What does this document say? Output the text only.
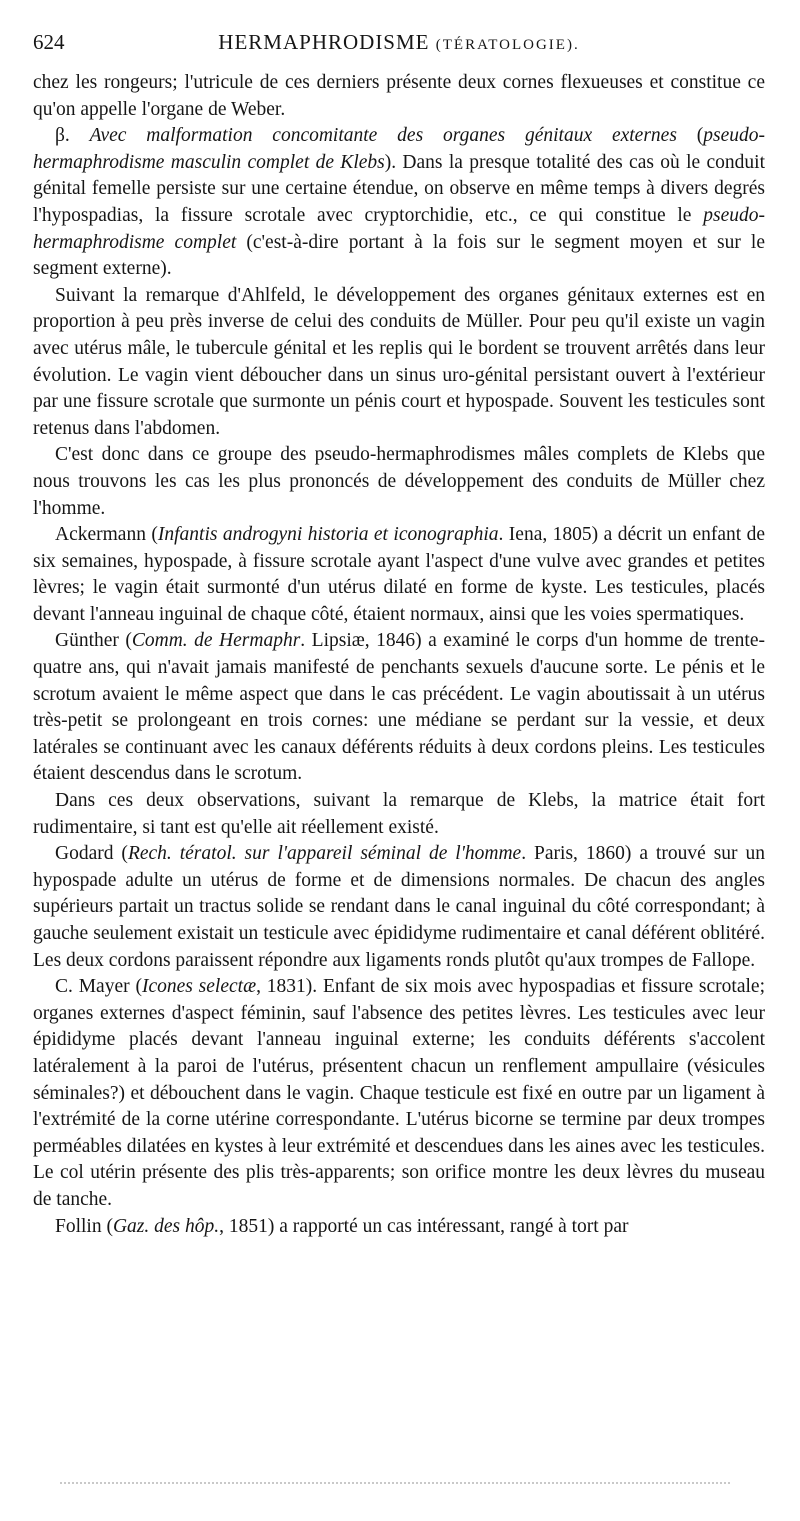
624	HERMAPHRODISME (TÉRATOLOGIE).

chez les rongeurs; l'utricule de ces derniers présente deux cornes flexueuses et constitue ce qu'on appelle l'organe de Weber.

β. Avec malformation concomitante des organes génitaux externes (pseudo-hermaphrodisme masculin complet de Klebs). Dans la presque totalité des cas où le conduit génital femelle persiste sur une certaine étendue, on observe en même temps à divers degrés l'hypospadias, la fissure scrotale avec cryptorchidie, etc., ce qui constitue le pseudo-hermaphrodisme complet (c'est-à-dire portant à la fois sur le segment moyen et sur le segment externe).

Suivant la remarque d'Ahlfeld, le développement des organes génitaux externes est en proportion à peu près inverse de celui des conduits de Müller. Pour peu qu'il existe un vagin avec utérus mâle, le tubercule génital et les replis qui le bordent se trouvent arrêtés dans leur évolution. Le vagin vient déboucher dans un sinus uro-génital persistant ouvert à l'extérieur par une fissure scrotale que surmonte un pénis court et hypospade. Souvent les testicules sont retenus dans l'abdomen.

C'est donc dans ce groupe des pseudo-hermaphrodismes mâles complets de Klebs que nous trouvons les cas les plus prononcés de développement des conduits de Müller chez l'homme.

Ackermann (Infantis androgyni historia et iconographia. Iena, 1805) a décrit un enfant de six semaines, hypospade, à fissure scrotale ayant l'aspect d'une vulve avec grandes et petites lèvres; le vagin était surmonté d'un utérus dilaté en forme de kyste. Les testicules, placés devant l'anneau inguinal de chaque côté, étaient normaux, ainsi que les voies spermatiques.

Günther (Comm. de Hermaphr. Lipsiæ, 1846) a examiné le corps d'un homme de trente-quatre ans, qui n'avait jamais manifesté de penchants sexuels d'aucune sorte. Le pénis et le scrotum avaient le même aspect que dans le cas précédent. Le vagin aboutissait à un utérus très-petit se prolongeant en trois cornes: une médiane se perdant sur la vessie, et deux latérales se continuant avec les canaux déférents réduits à deux cordons pleins. Les testicules étaient descendus dans le scrotum.

Dans ces deux observations, suivant la remarque de Klebs, la matrice était fort rudimentaire, si tant est qu'elle ait réellement existé.

Godard (Rech. tératol. sur l'appareil séminal de l'homme. Paris, 1860) a trouvé sur un hypospade adulte un utérus de forme et de dimensions normales. De chacun des angles supérieurs partait un tractus solide se rendant dans le canal inguinal du côté correspondant; à gauche seulement existait un testicule avec épididyme rudimentaire et canal déférent oblitéré. Les deux cordons paraissent répondre aux ligaments ronds plutôt qu'aux trompes de Fallope.

C. Mayer (Icones selectæ, 1831). Enfant de six mois avec hypospadias et fissure scrotale; organes externes d'aspect féminin, sauf l'absence des petites lèvres. Les testicules avec leur épididyme placés devant l'anneau inguinal externe; les conduits déférents s'accolent latéralement à la paroi de l'utérus, présentent chacun un renflement ampullaire (vésicules séminales?) et débouchent dans le vagin. Chaque testicule est fixé en outre par un ligament à l'extrémité de la corne utérine correspondante. L'utérus bicorne se termine par deux trompes perméables dilatées en kystes à leur extrémité et descendues dans les aines avec les testicules. Le col utérin présente des plis très-apparents; son orifice montre les deux lèvres du museau de tanche.

Follin (Gaz. des hôp., 1851) a rapporté un cas intéressant, rangé à tort par
